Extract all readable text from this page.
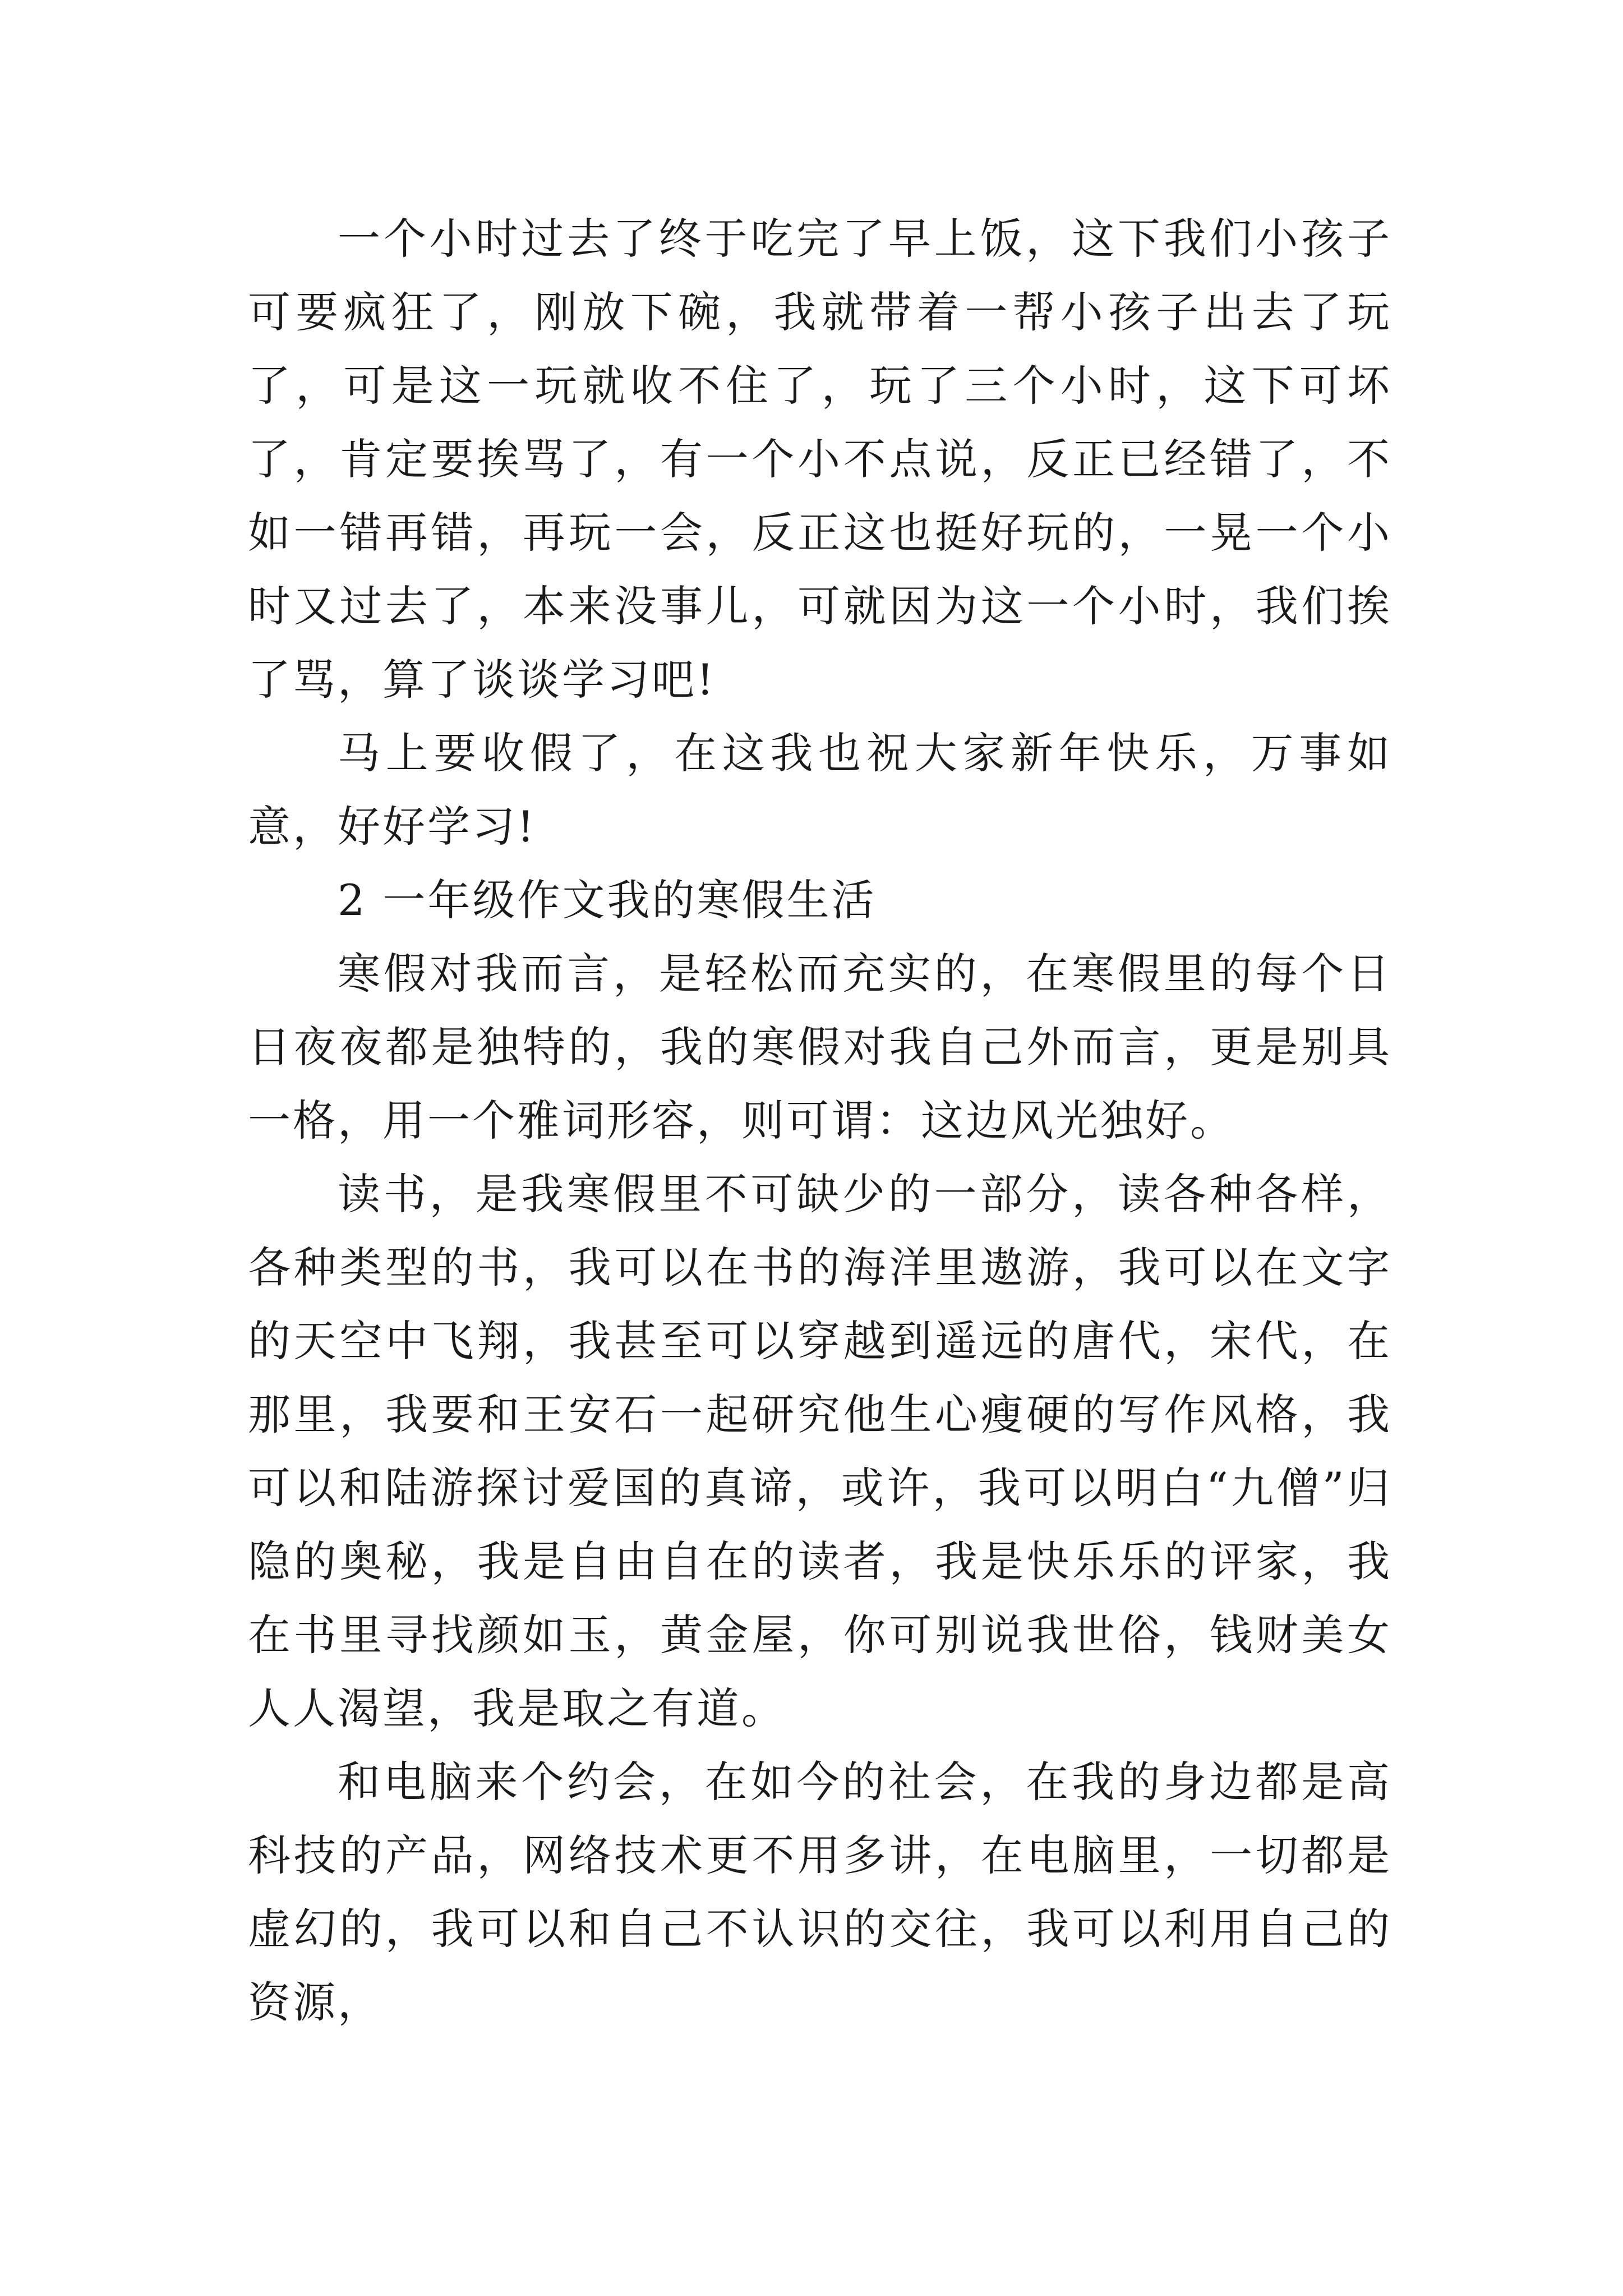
一个小时过去了终于吃完了早上饭，这下我们小孩子可要疯狂了，刚放下碗，我就带着一帮小孩子出去了玩了，可是这一玩就收不住了，玩了三个小时，这下可坏了，肯定要挨骂了，有一个小不点说，反正已经错了，不如一错再错，再玩一会，反正这也挺好玩的，一晃一个小时又过去了，本来没事儿，可就因为这一个小时，我们挨了骂，算了谈谈学习吧!

马上要收假了，在这我也祝大家新年快乐，万事如意，好好学习!

2 一年级作文我的寒假生活

寒假对我而言，是轻松而充实的，在寒假里的每个日日夜夜都是独特的，我的寒假对我自己外而言，更是别具一格，用一个雅词形容，则可谓：这边风光独好。

读书，是我寒假里不可缺少的一部分，读各种各样，各种类型的书，我可以在书的海洋里遨游，我可以在文字的天空中飞翔，我甚至可以穿越到遥远的唐代，宋代，在那里，我要和王安石一起研究他生心瘦硬的写作风格，我可以和陆游探讨爱国的真谛，或许，我可以明白“九僧”归隐的奥秘，我是自由自在的读者，我是快乐乐的评家，我在书里寻找颜如玉，黄金屋，你可别说我世俗，钱财美女人人渴望，我是取之有道。

和电脑来个约会，在如今的社会，在我的身边都是高科技的产品，网络技术更不用多讲，在电脑里，一切都是虚幻的，我可以和自己不认识的交往，我可以利用自己的资源，
